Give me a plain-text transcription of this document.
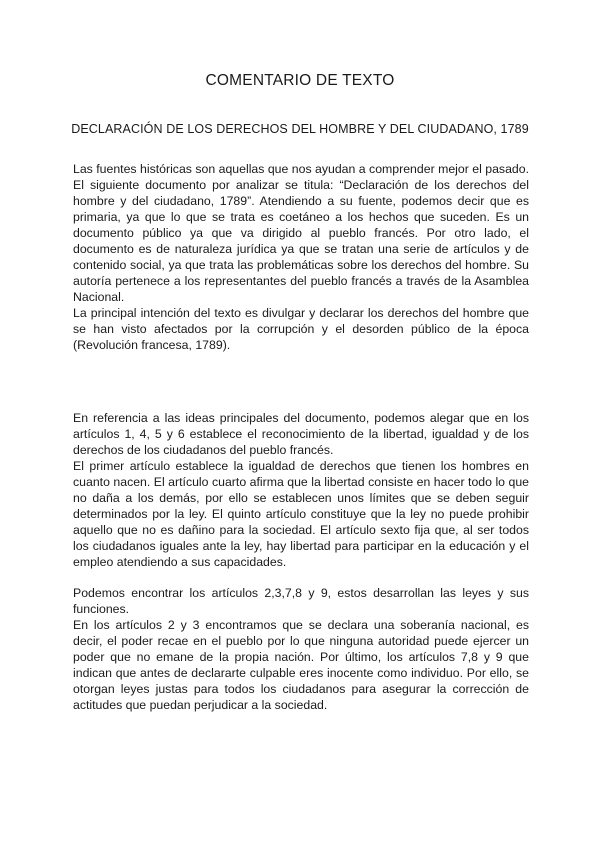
COMENTARIO DE TEXTO
DECLARACIÓN DE LOS DERECHOS DEL HOMBRE Y DEL CIUDADANO, 1789

Las fuentes históricas son aquellas que nos ayudan a comprender mejor el pasado. El siguiente documento por analizar se titula: “Declaración de los derechos del hombre y del ciudadano, 1789”. Atendiendo a su fuente, podemos decir que es primaria, ya que lo que se trata es coetáneo a los hechos que suceden. Es un documento público ya que va dirigido al pueblo francés. Por otro lado, el documento es de naturaleza jurídica ya que se tratan una serie de artículos y de contenido social, ya que trata las problemáticas sobre los derechos del hombre. Su autoría pertenece a los representantes del pueblo francés a través de la Asamblea Nacional.

La principal intención del texto es divulgar y declarar los derechos del hombre que se han visto afectados por la corrupción y el desorden público de la época (Revolución francesa, 1789).

En referencia a las ideas principales del documento, podemos alegar que en los artículos 1, 4, 5 y 6 establece el reconocimiento de la libertad, igualdad y de los derechos de los ciudadanos del pueblo francés.

El primer artículo establece la igualdad de derechos que tienen los hombres en cuanto nacen. El artículo cuarto afirma que la libertad consiste en hacer todo lo que no daña a los demás, por ello se establecen unos límites que se deben seguir determinados por la ley. El quinto artículo constituye que la ley no puede prohibir aquello que no es dañino para la sociedad. El artículo sexto fija que, al ser todos los ciudadanos iguales ante la ley, hay libertad para participar en la educación y el empleo atendiendo a sus capacidades.

Podemos encontrar los artículos 2,3,7,8 y 9, estos desarrollan las leyes y sus funciones.

En los artículos 2 y 3 encontramos que se declara una soberanía nacional, es decir, el poder recae en el pueblo por lo que ninguna autoridad puede ejercer un poder que no emane de la propia nación. Por último, los artículos 7,8 y 9 que indican que antes de declararte culpable eres inocente como individuo. Por ello, se otorgan leyes justas para todos los ciudadanos para asegurar la corrección de actitudes que puedan perjudicar a la sociedad.
